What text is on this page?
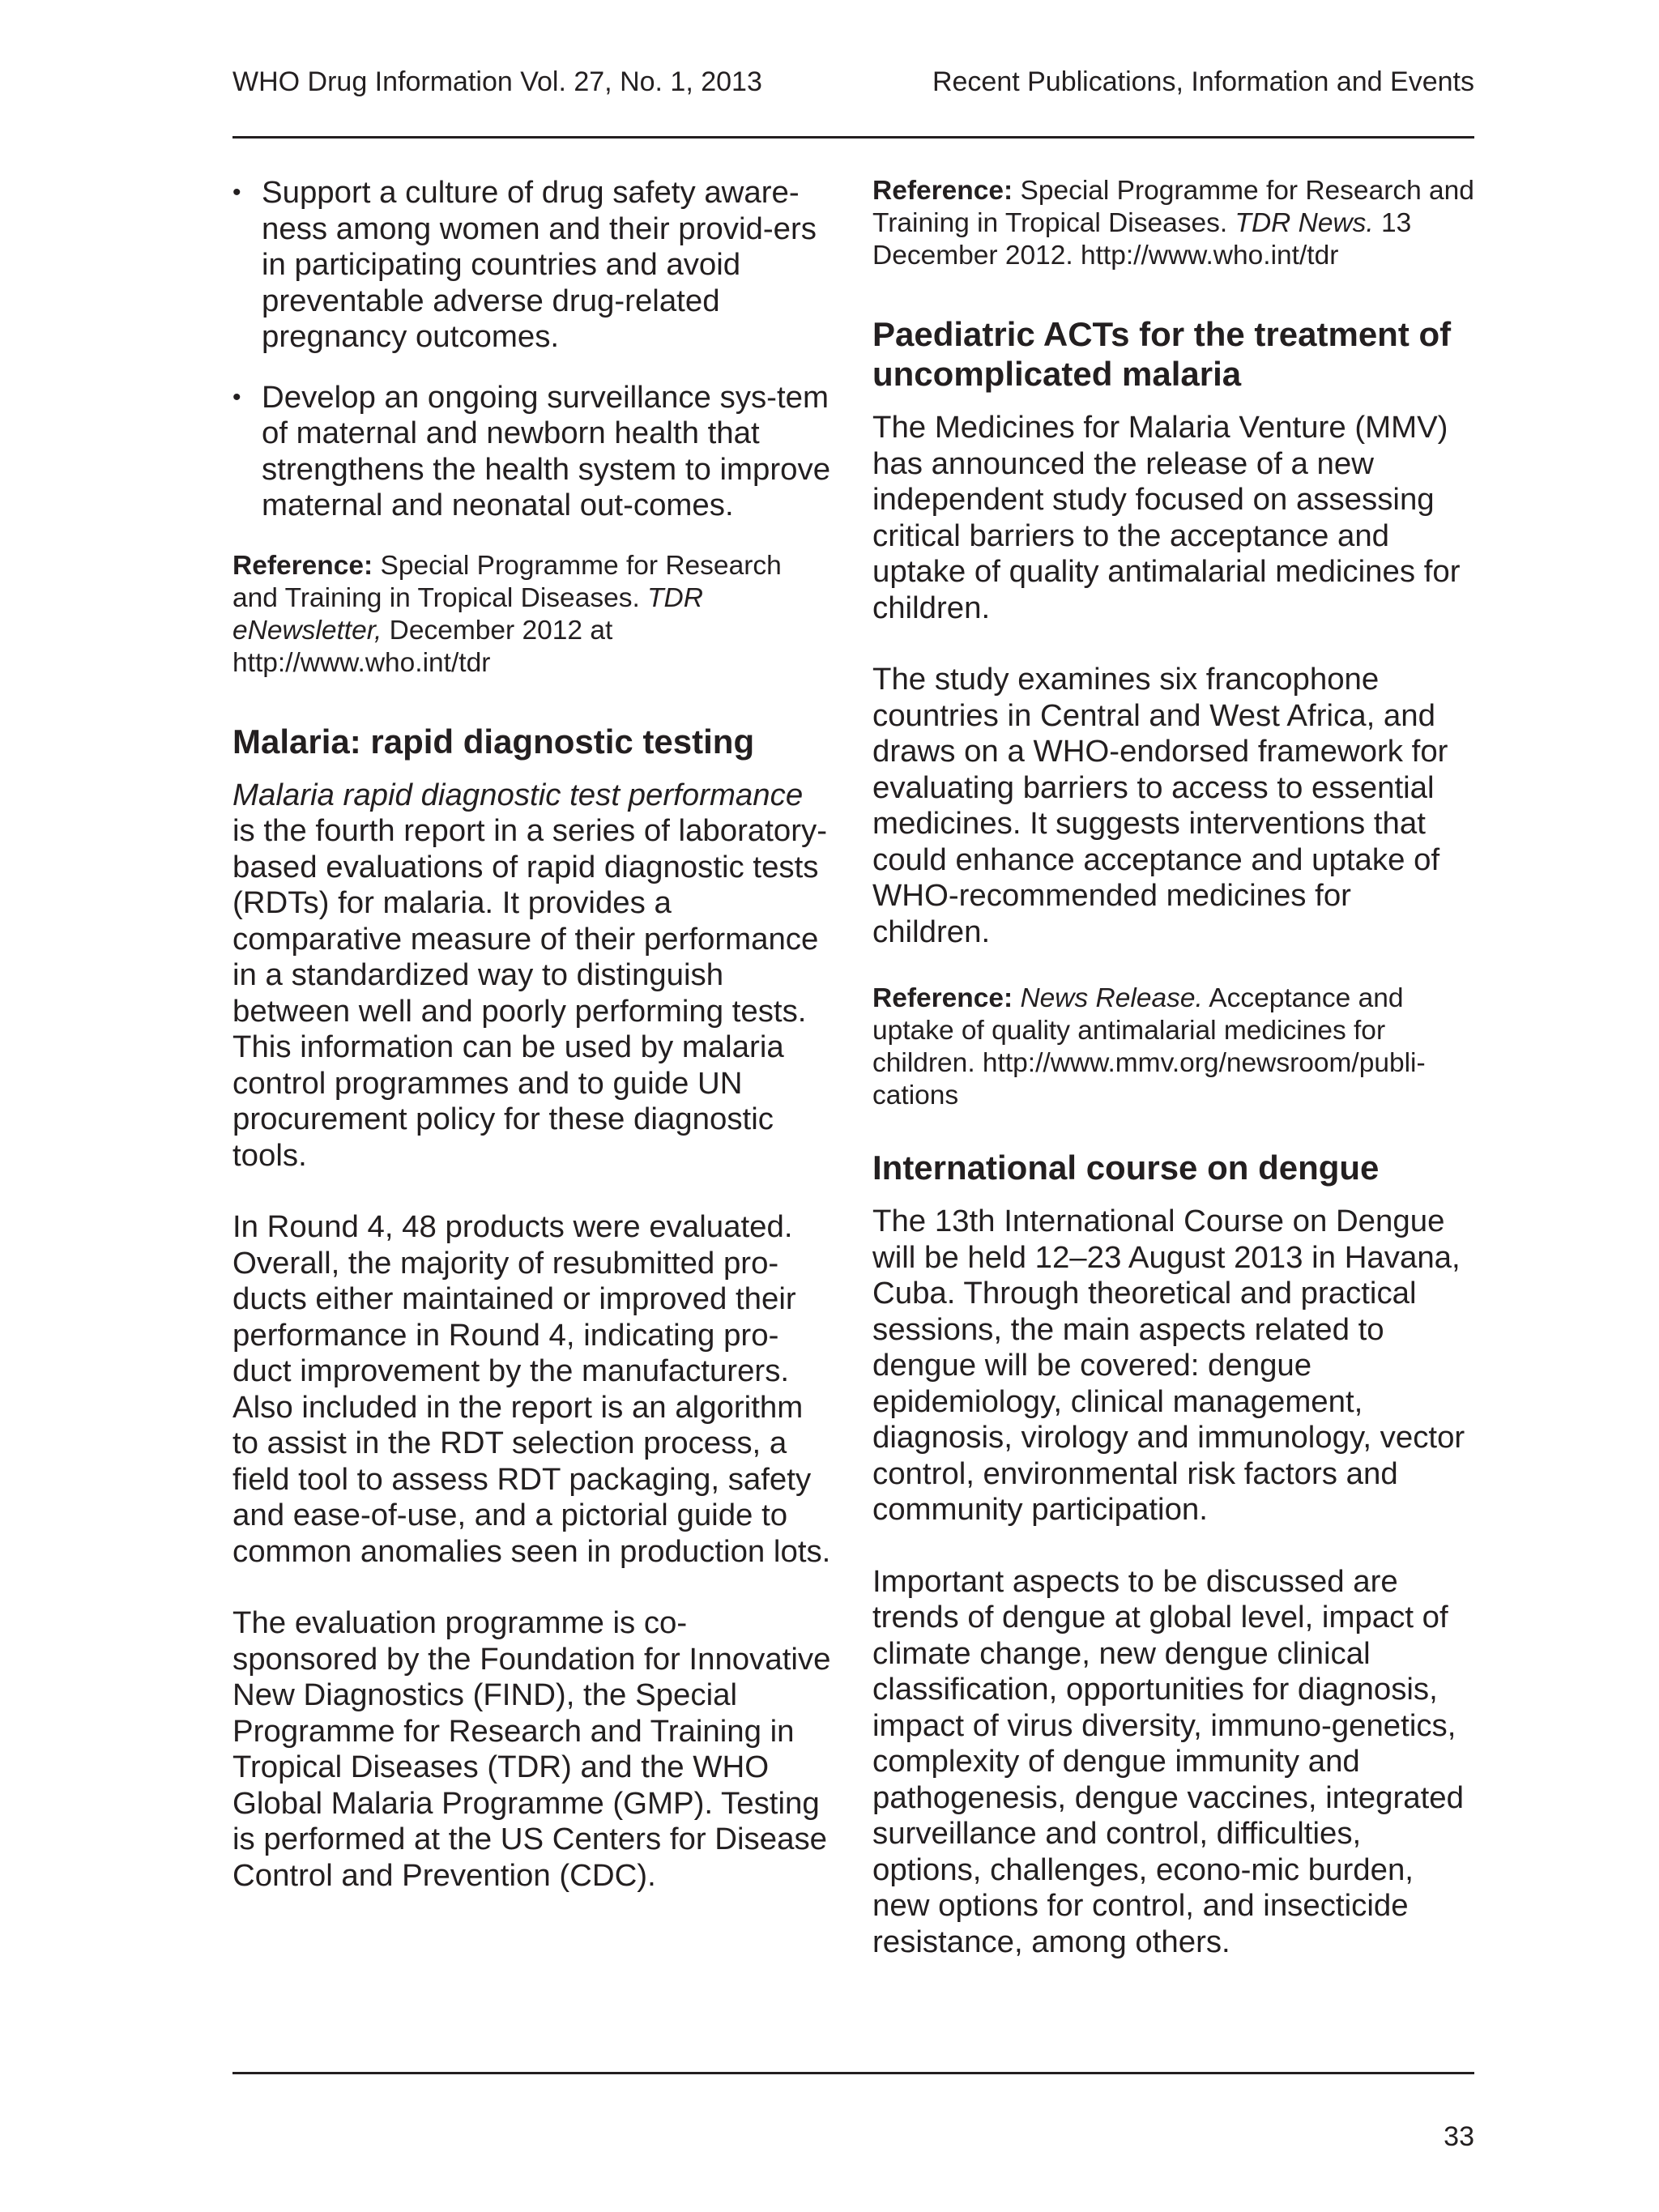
WHO Drug Information Vol. 27, No. 1, 2013	Recent Publications, Information and Events
• Support a culture of drug safety aware-ness among women and their provid-ers in participating countries and avoid preventable adverse drug-related pregnancy outcomes.
• Develop an ongoing surveillance sys-tem of maternal and newborn health that strengthens the health system to improve maternal and neonatal out-comes.

Reference: Special Programme for Research and Training in Tropical Diseases. TDR eNewsletter, December 2012 at http://www.who.int/tdr

Malaria: rapid diagnostic testing

Malaria rapid diagnostic test performance is the fourth report in a series of laboratory-based evaluations of rapid diagnostic tests (RDTs) for malaria. It provides a comparative measure of their performance in a standardized way to distinguish between well and poorly performing tests. This information can be used by malaria control programmes and to guide UN procurement policy for these diagnostic tools.

In Round 4, 48 products were evaluated. Overall, the majority of resubmitted pro-ducts either maintained or improved their performance in Round 4, indicating pro-duct improvement by the manufacturers. Also included in the report is an algorithm to assist in the RDT selection process, a field tool to assess RDT packaging, safety and ease-of-use, and a pictorial guide to common anomalies seen in production lots.

The evaluation programme is co-sponsored by the Foundation for Innovative New Diagnostics (FIND), the Special Programme for Research and Training in Tropical Diseases (TDR) and the WHO Global Malaria Programme (GMP). Testing is performed at the US Centers for Disease Control and Prevention (CDC).

Reference: Special Programme for Research and Training in Tropical Diseases. TDR News. 13 December 2012. http://www.who.int/tdr

Paediatric ACTs for the treatment of uncomplicated malaria

The Medicines for Malaria Venture (MMV) has announced the release of a new independent study focused on assessing critical barriers to the acceptance and uptake of quality antimalarial medicines for children.

The study examines six francophone countries in Central and West Africa, and draws on a WHO-endorsed framework for evaluating barriers to access to essential medicines. It suggests interventions that could enhance acceptance and uptake of WHO-recommended medicines for children.

Reference: News Release. Acceptance and uptake of quality antimalarial medicines for children. http://www.mmv.org/newsroom/publi-cations

International course on dengue

The 13th International Course on Dengue will be held 12–23 August 2013 in Havana, Cuba. Through theoretical and practical sessions, the main aspects related to dengue will be covered: dengue epidemiology, clinical management, diagnosis, virology and immunology, vector control, environmental risk factors and community participation.

Important aspects to be discussed are trends of dengue at global level, impact of climate change, new dengue clinical classification, opportunities for diagnosis, impact of virus diversity, immuno-genetics, complexity of dengue immunity and pathogenesis, dengue vaccines, integrated surveillance and control, difficulties, options, challenges, econo-mic burden, new options for control, and insecticide resistance, among others.

33
